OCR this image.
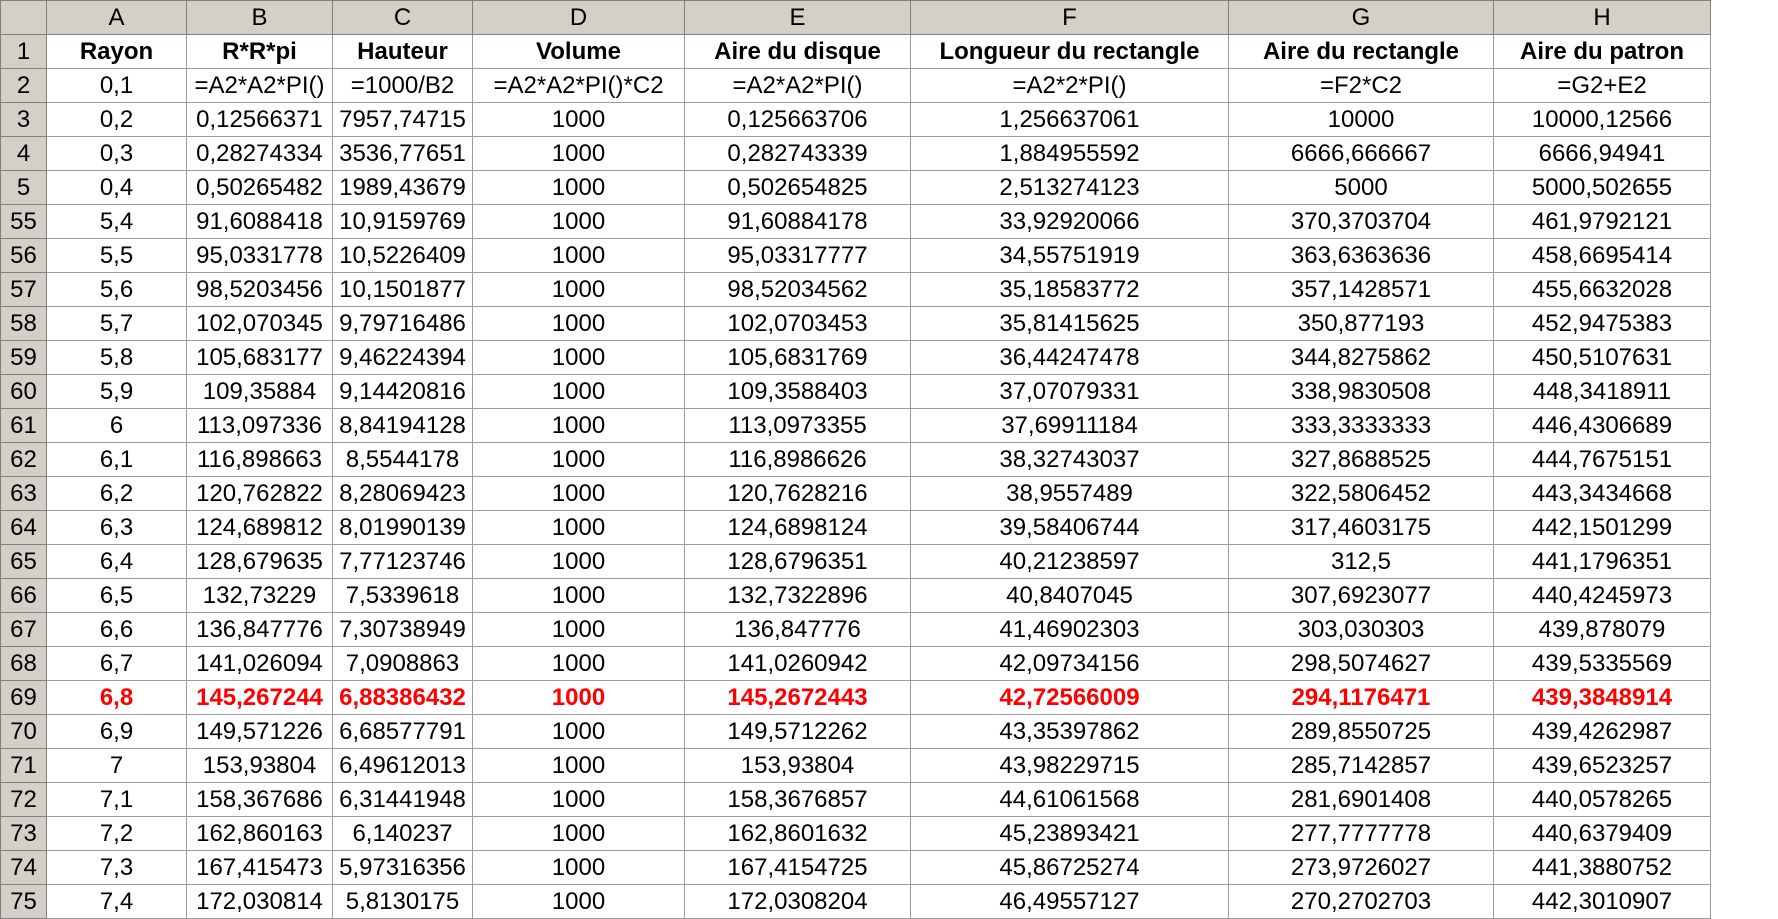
	A	B	C	D	E	F	G	H
1	Rayon	R*R*pi	Hauteur	Volume	Aire du disque	Longueur du rectangle	Aire du rectangle	Aire du patron
2	0,1	=A2*A2*PI()	=1000/B2	=A2*A2*PI()*C2	=A2*A2*PI()	=A2*2*PI()	=F2*C2	=G2+E2
3	0,2	0,12566371	7957,74715	1000	0,125663706	1,256637061	10000	10000,12566
4	0,3	0,28274334	3536,77651	1000	0,282743339	1,884955592	6666,666667	6666,94941
5	0,4	0,50265482	1989,43679	1000	0,502654825	2,513274123	5000	5000,502655
55	5,4	91,6088418	10,9159769	1000	91,60884178	33,92920066	370,3703704	461,9792121
56	5,5	95,0331778	10,5226409	1000	95,03317777	34,55751919	363,6363636	458,6695414
57	5,6	98,5203456	10,1501877	1000	98,52034562	35,18583772	357,1428571	455,6632028
58	5,7	102,070345	9,79716486	1000	102,0703453	35,81415625	350,877193	452,9475383
59	5,8	105,683177	9,46224394	1000	105,6831769	36,44247478	344,8275862	450,5107631
60	5,9	109,35884	9,14420816	1000	109,3588403	37,07079331	338,9830508	448,3418911
61	6	113,097336	8,84194128	1000	113,0973355	37,69911184	333,3333333	446,4306689
62	6,1	116,898663	8,5544178	1000	116,8986626	38,32743037	327,8688525	444,7675151
63	6,2	120,762822	8,28069423	1000	120,7628216	38,9557489	322,5806452	443,3434668
64	6,3	124,689812	8,01990139	1000	124,6898124	39,58406744	317,4603175	442,1501299
65	6,4	128,679635	7,77123746	1000	128,6796351	40,21238597	312,5	441,1796351
66	6,5	132,73229	7,5339618	1000	132,7322896	40,8407045	307,6923077	440,4245973
67	6,6	136,847776	7,30738949	1000	136,847776	41,46902303	303,030303	439,878079
68	6,7	141,026094	7,0908863	1000	141,0260942	42,09734156	298,5074627	439,5335569
69	6,8	145,267244	6,88386432	1000	145,2672443	42,72566009	294,1176471	439,3848914
70	6,9	149,571226	6,68577791	1000	149,5712262	43,35397862	289,8550725	439,4262987
71	7	153,93804	6,49612013	1000	153,93804	43,98229715	285,7142857	439,6523257
72	7,1	158,367686	6,31441948	1000	158,3676857	44,61061568	281,6901408	440,0578265
73	7,2	162,860163	6,140237	1000	162,8601632	45,23893421	277,7777778	440,6379409
74	7,3	167,415473	5,97316356	1000	167,4154725	45,86725274	273,9726027	441,3880752
75	7,4	172,030814	5,8130175	1000	172,0308204	46,49557127	270,2702703	442,3010907
